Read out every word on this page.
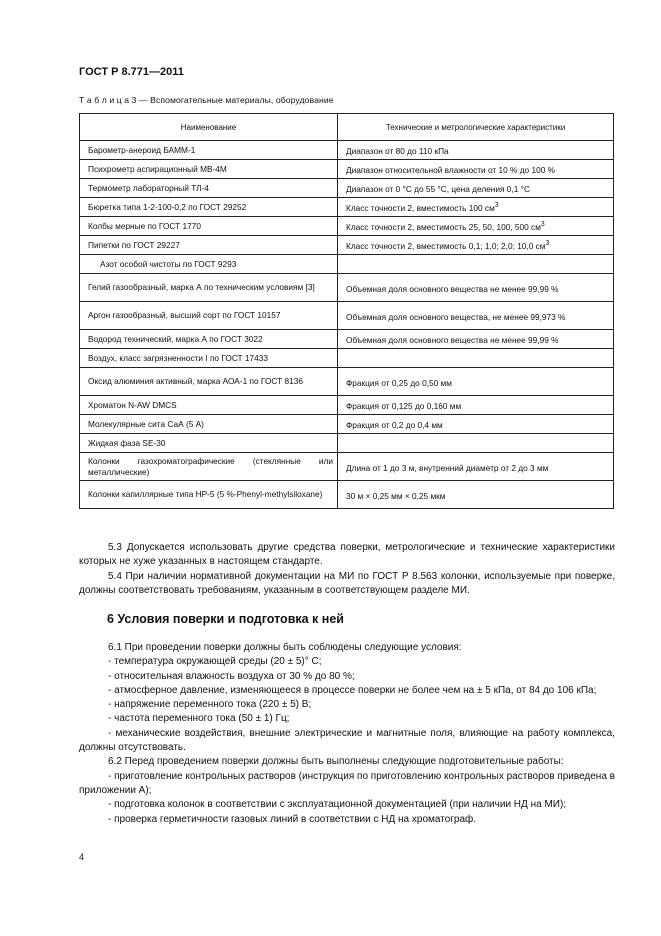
ГОСТ Р 8.771—2011
Т а б л и ц а 3 — Вспомогательные материалы, оборудование
Наименование	Технические и метрологические характеристики
Барометр-анероид БАММ-1	Диапазон от 80 до 110 кПа
Психрометр аспирационный МВ-4М	Диапазон относительной влажности от 10 % до 100 %
Термометр лабораторный ТЛ-4	Диапазон от 0 °С до 55 °С, цена деления 0,1 °С
Бюретка типа 1-2-100-0,2 по ГОСТ 29252	Класс точности 2, вместимость 100 $см^3$
Колбы мерные по ГОСТ 1770	Класс точности 2, вместимость 25, 50, 100, 500 $см^3$
Пипетки по ГОСТ 29227	Класс точности 2, вместимость 0,1; 1,0; 2,0; 10,0 $см^3$
Азот особой чистоты по ГОСТ 9293	
Гелий газообразный, марка А по техническим условиям [3]	Объемная доля основного вещества не менее 99,99 %
Аргон газообразный, высший сорт по ГОСТ 10157	Объемная доля основного вещества, не менее 99,973 %
Водород технический, марка А по ГОСТ 3022	Объемная доля основного вещества не менее 99,99 %
Воздух, класс загрязненности I по ГОСТ 17433	
Оксид алюминия активный, марка АОА-1 по ГОСТ 8136	Фракция от 0,25 до 0,50 мм
Хроматон N-AW DMCS	Фракция от 0,125 до 0,160 мм
Молекулярные сита СаА (5 А)	Фракция от 0,2 до 0,4 мм
Жидкая фаза SE-30	
Колонки газохроматографические (стеклянные или металлические)	Длина от 1 до 3 м, внутренний диаметр от 2 до 3 мм
Колонки капиллярные типа HP-5 (5 %-Phenyl-methylsiloxane)	30 м × 0,25 мм × 0,25 мкм

5.3 Допускается использовать другие средства поверки, метрологические и технические характеристики которых не хуже указанных в настоящем стандарте.

5.4 При наличии нормативной документации на МИ по ГОСТ Р 8.563 колонки, используемые при поверке, должны соответствовать требованиям, указанным в соответствующем разделе МИ.

6 Условия поверки и подготовка к ней

6.1 При проведении поверки должны быть соблюдены следующие условия:

- температура окружающей среды (20 ± 5)° С;

- относительная влажность воздуха от 30 % до 80 %;

- атмосферное давление, изменяющееся в процессе поверки не более чем на ± 5 кПа, от 84 до 106 кПа;

- напряжение переменного тока (220 ± 5) В;

- частота переменного тока (50 ± 1) Гц;

- механические воздействия, внешние электрические и магнитные поля, влияющие на работу комплекса, должны отсутствовать.

6.2 Перед проведением поверки должны быть выполнены следующие подготовительные работы:

- приготовление контрольных растворов (инструкция по приготовлению контрольных растворов приведена в приложении А);

- подготовка колонок в соответствии с эксплуатационной документацией (при наличии НД на МИ);

- проверка герметичности газовых линий в соответствии с НД на хроматограф.

4
